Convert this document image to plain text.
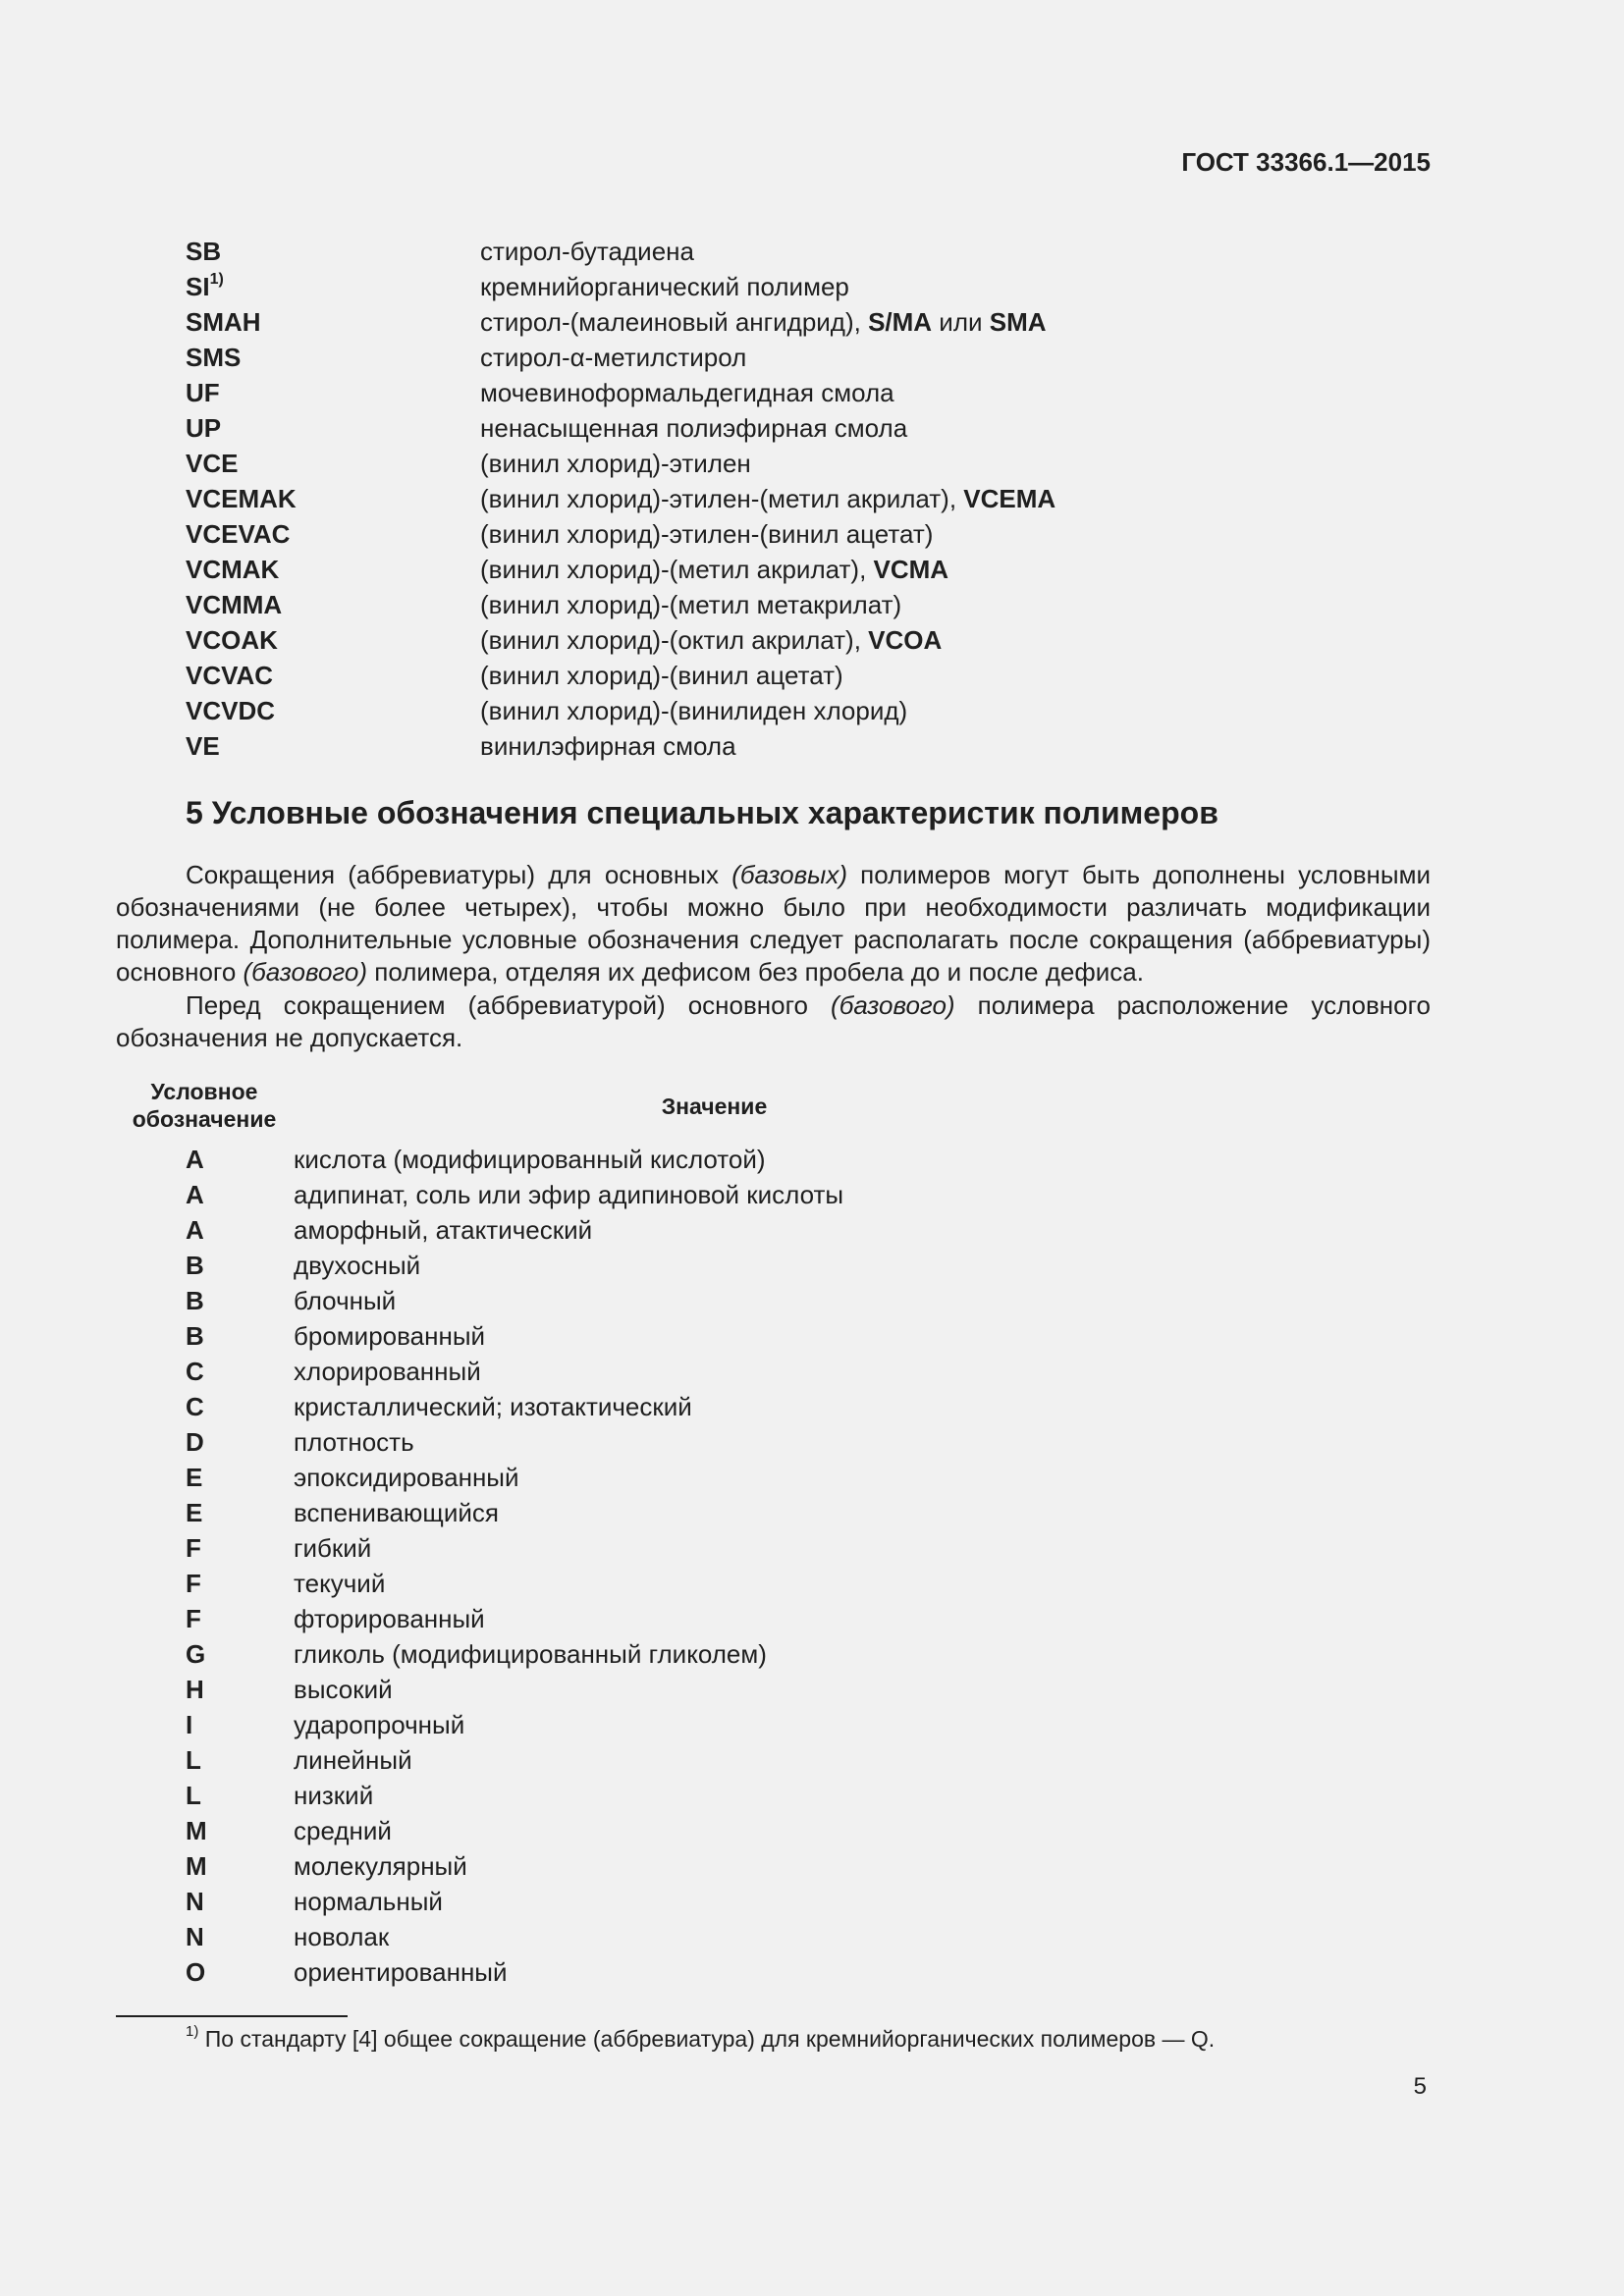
ГОСТ 33366.1—2015
SB	стирол-бутадиена
SI$^{1)}$	кремнийорганический полимер
SMAH	стирол-(малеиновый ангидрид), S/MA или SMA
SMS	стирол-α-метилстирол
UF	мочевиноформальдегидная смола
UP	ненасыщенная полиэфирная смола
VCE	(винил хлорид)-этилен
VCEMAK	(винил хлорид)-этилен-(метил акрилат), VCEMA
VCEVAC	(винил хлорид)-этилен-(винил ацетат)
VCMAK	(винил хлорид)-(метил акрилат), VCMA
VCMMA	(винил хлорид)-(метил метакрилат)
VCOAK	(винил хлорид)-(октил акрилат), VCOA
VCVAC	(винил хлорид)-(винил ацетат)
VCVDC	(винил хлорид)-(винилиден хлорид)
VE	винилэфирная смола
5 Условные обозначения специальных характеристик полимеров

Сокращения (аббревиатуры) для основных (базовых) полимеров могут быть дополнены условными обозначениями (не более четырех), чтобы можно было при необходимости различать модификации полимера. Дополнительные условные обозначения следует располагать после сокращения (аббревиатуры) основного (базового) полимера, отделяя их дефисом без пробела до и после дефиса.

Перед сокращением (аббревиатурой) основного (базового) полимера расположение условного обозначения не допускается.

Условное
обозначение	Значение
A	кислота (модифицированный кислотой)
A	адипинат, соль или эфир адипиновой кислоты
A	аморфный, атактический
B	двухосный
B	блочный
B	бромированный
C	хлорированный
C	кристаллический; изотактический
D	плотность
E	эпоксидированный
E	вспенивающийся
F	гибкий
F	текучий
F	фторированный
G	гликоль (модифицированный гликолем)
H	высокий
I	ударопрочный
L	линейный
L	низкий
M	средний
M	молекулярный
N	нормальный
N	новолак
O	ориентированный
$^{1)}$ По стандарту [4] общее сокращение (аббревиатура) для кремнийорганических полимеров — Q.
5
